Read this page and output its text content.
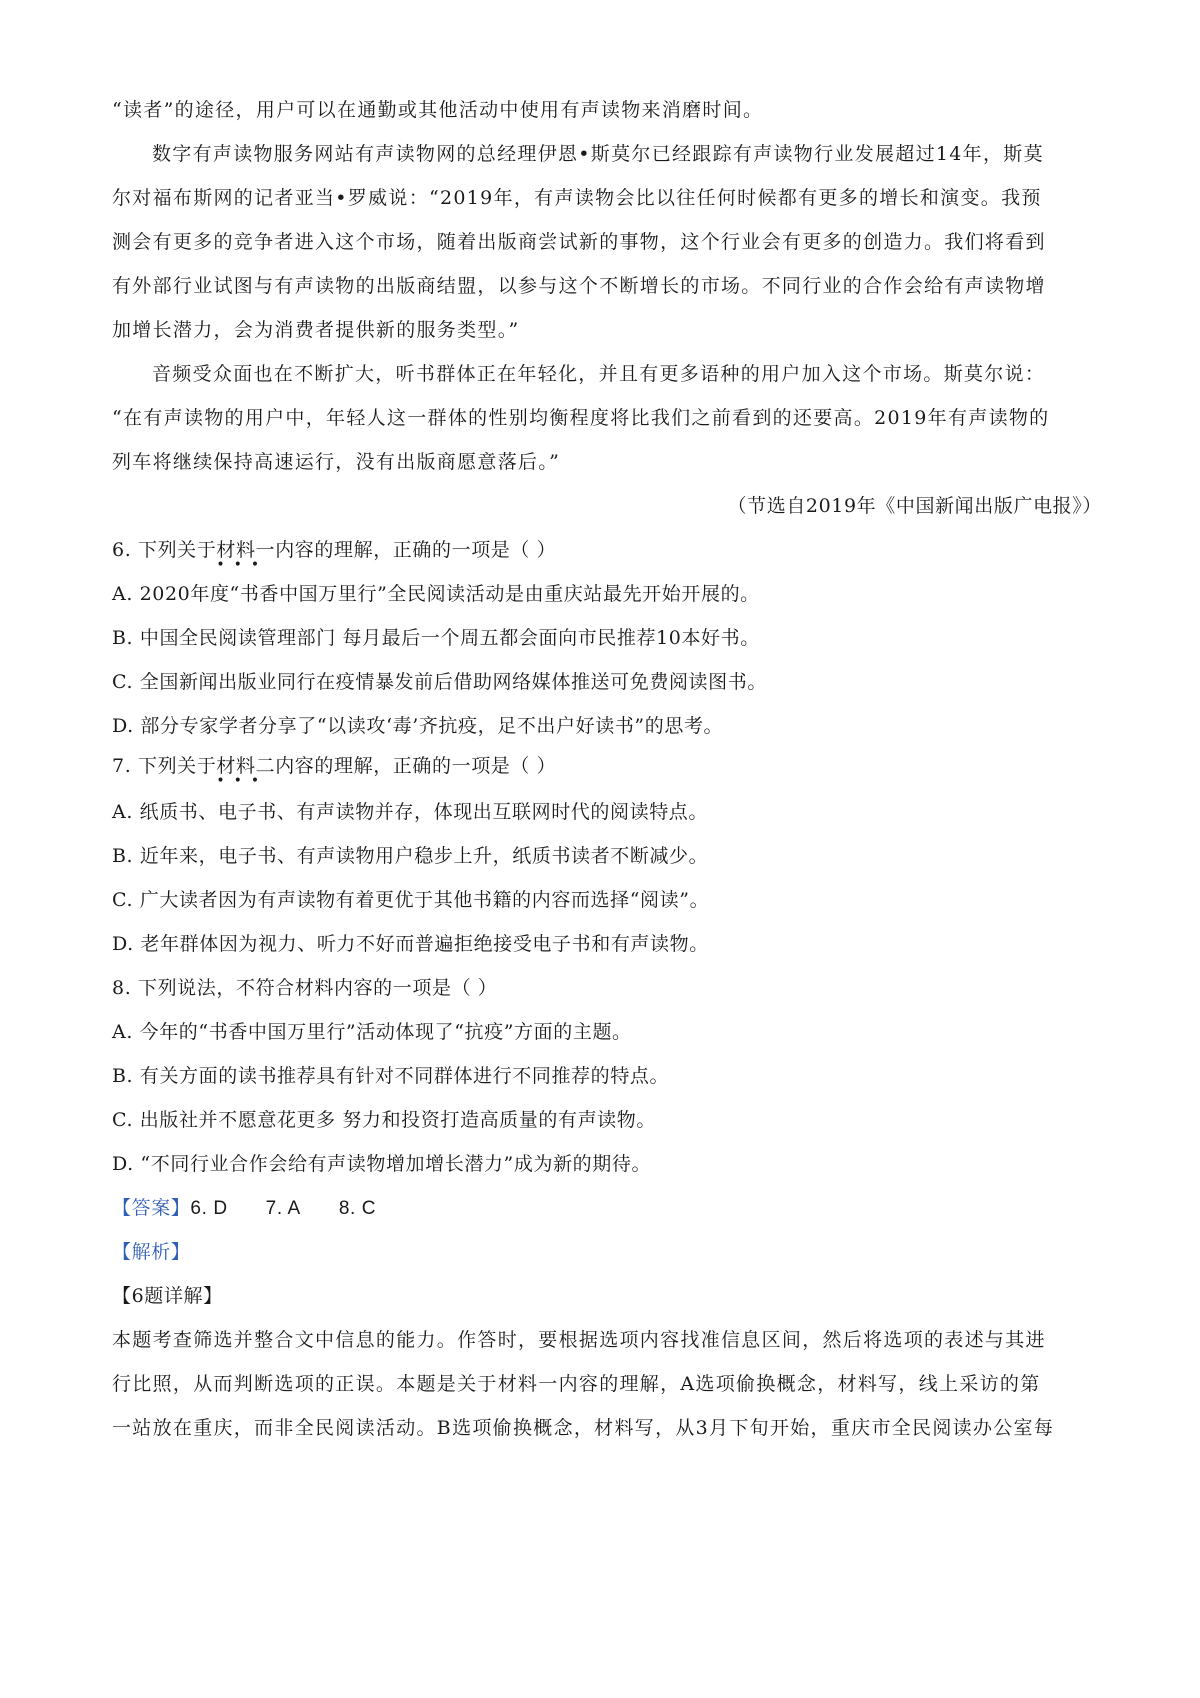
“读者”的途径，用户可以在通勤或其他活动中使用有声读物来消磨时间。
数字有声读物服务网站有声读物网的总经理伊恩•斯莫尔已经跟踪有声读物行业发展超过14年，斯莫
尔对福布斯网的记者亚当•罗威说：“2019年，有声读物会比以往任何时候都有更多的增长和演变。我预
测会有更多的竞争者进入这个市场，随着出版商尝试新的事物，这个行业会有更多的创造力。我们将看到
有外部行业试图与有声读物的出版商结盟，以参与这个不断增长的市场。不同行业的合作会给有声读物增
加增长潜力，会为消费者提供新的服务类型。”
音频受众面也在不断扩大，听书群体正在年轻化，并且有更多语种的用户加入这个市场。斯莫尔说：
“在有声读物的用户中，年轻人这一群体的性别均衡程度将比我们之前看到的还要高。2019年有声读物的
列车将继续保持高速运行，没有出版商愿意落后。”
（节选自2019年《中国新闻出版广电报》）
6. 下列关于材料一
•••
内容的理解，正确的一项是（ ）
A. 2020年度“书香中国万里行”全民阅读活动是由重庆站最先开始开展的。
B. 中国全民阅读管理部门 每月最后一个周五都会面向市民推荐10本好书。
C. 全国新闻出版业同行在疫情暴发前后借助网络媒体推送可免费阅读图书。
D. 部分专家学者分享了“以读攻‘毒’齐抗疫，足不出户好读书”的思考。
7. 下列关于材料二
•••
内容的理解，正确的一项是（ ）
A. 纸质书、电子书、有声读物并存，体现出互联网时代的阅读特点。
B. 近年来，电子书、有声读物用户稳步上升，纸质书读者不断减少。
C. 广大读者因为有声读物有着更优于其他书籍的内容而选择“阅读”。
D. 老年群体因为视力、听力不好而普遍拒绝接受电子书和有声读物。
8. 下列说法，不符合材料内容的一项是（ ）
A. 今年的“书香中国万里行”活动体现了“抗疫”方面的主题。
B. 有关方面的读书推荐具有针对不同群体进行不同推荐的特点。
C. 出版社并不愿意花更多 努力和投资打造高质量的有声读物。
D. “不同行业合作会给有声读物增加增长潜力”成为新的期待。
【答案】6. D 7. A 8. C
【解析】
【6题详解】
本题考查筛选并整合文中信息的能力。作答时，要根据选项内容找准信息区间，然后将选项的表述与其进
行比照，从而判断选项的正误。本题是关于材料一内容的理解，A选项偷换概念，材料写，线上采访的第
一站放在重庆，而非全民阅读活动。B选项偷换概念，材料写，从3月下旬开始，重庆市全民阅读办公室每
